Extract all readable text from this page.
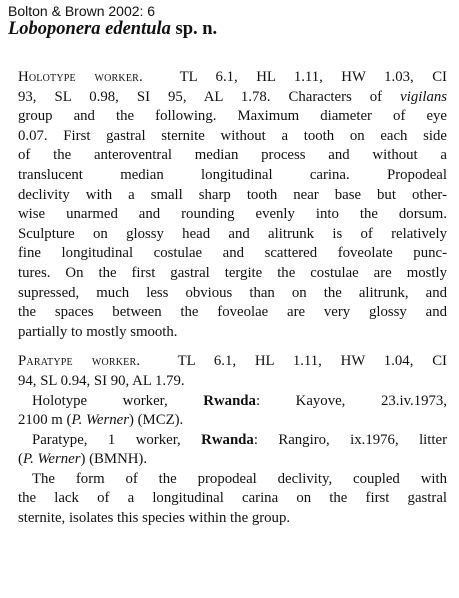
Bolton & Brown 2002: 6
Loboponera edentula sp. n.
Holotype worker. TL 6.1, HL 1.11, HW 1.03, CI
93, SL 0.98, SI 95, AL 1.78. Characters of vigilans
group and the following. Maximum diameter of eye
0.07. First gastral sternite without a tooth on each side
of the anteroventral median process and without a
translucent median longitudinal carina. Propodeal
declivity with a small sharp tooth near base but other-
wise unarmed and rounding evenly into the dorsum.
Sculpture on glossy head and alitrunk is of relatively
fine longitudinal costulae and scattered foveolate punc-
tures. On the first gastral tergite the costulae are mostly
supressed, much less obvious than on the alitrunk, and
the spaces between the foveolae are very glossy and
partially to mostly smooth.
Paratype worker.	TL 6.1, HL 1.11, HW 1.04, CI
94, SL 0.94, SI 90, AL 1.79.
Holotype worker, Rwanda: Kayove, 23.iv.1973,
2100 m (P. Werner) (MCZ).
Paratype, 1 worker, Rwanda: Rangiro, ix.1976, litter
(P. Werner) (BMNH).
The form of the propodeal declivity, coupled with
the lack of a longitudinal carina on the first gastral
sternite, isolates this species within the group.
